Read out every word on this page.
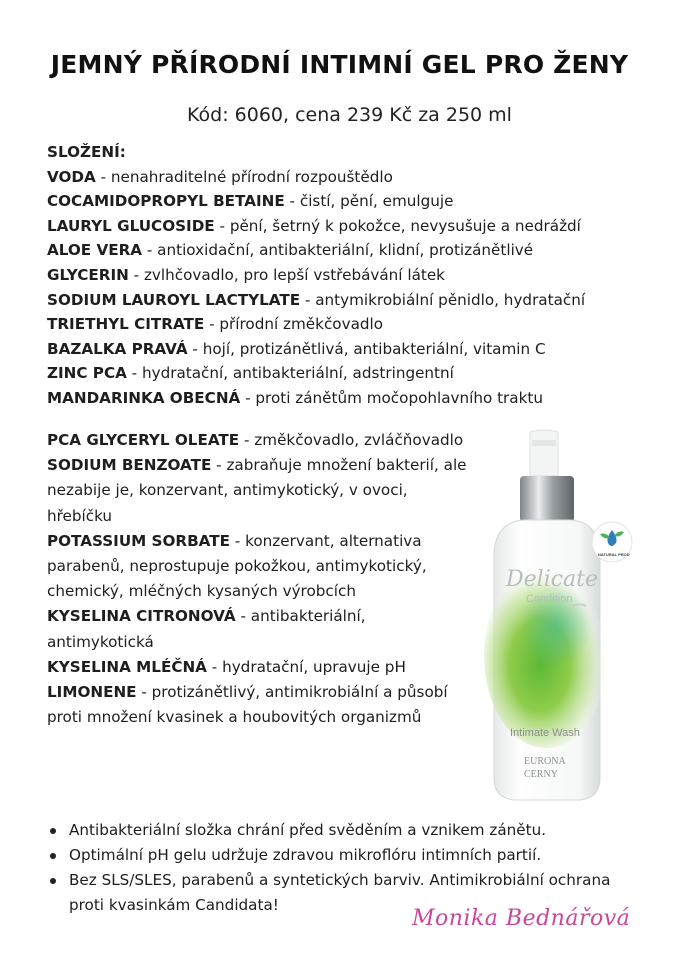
JEMNÝ PŘÍRODNÍ INTIMNÍ GEL PRO ŽENY
Kód: 6060, cena 239 Kč za 250 ml
SLOŽENÍ:
VODA - nenahraditelné přírodní rozpouštědlo
COCAMIDOPROPYL BETAINE - čistí, pění, emulguje
LAURYL GLUCOSIDE - pění, šetrný k pokožce, nevysušuje a nedráždí
ALOE VERA - antioxidační, antibakteriální, klidní, protizánětlivé
GLYCERIN - zvlhčovadlo, pro lepší vstřebávání látek
SODIUM LAUROYL LACTYLATE - antymikrobiální pěnidlo, hydratační
TRIETHYL CITRATE - přírodní změkčovadlo
BAZALKA PRAVÁ - hojí, protizánětlivá, antibakteriální, vitamin C
ZINC PCA - hydratační, antibakteriální, adstringentní
MANDARINKA OBECNÁ - proti zánětům močopohlavního traktu
PCA GLYCERYL OLEATE - změkčovadlo, zvláčňovadlo
SODIUM BENZOATE - zabraňuje množení bakterií, ale nezabije je, konzervant, antimykotický, v ovoci, hřebíčku
POTASSIUM SORBATE - konzervant, alternativa parabenů, neprostupuje pokožkou, antimykotický, chemický, mléčných kysaných výrobcích
KYSELINA CITRONOVÁ - antibakteriální, antimykotická
KYSELINA MLÉČNÁ - hydratační, upravuje pH
LIMONENE - protizánětlivý, antimikrobiální a působí proti množení kvasinek a houbovitých organizmů
Delicate
Condition
Intimate Wash
EURONA
CERNY
NATURAL PROD
Antibakteriální složka chrání před svěděním a vznikem zánětu.
Optimální pH gelu udržuje zdravou mikroflóru intimních partií.
Bez SLS/SLES, parabenů a syntetických barviv. Antimikrobiální ochrana proti kvasinkám Candidata!
Monika Bednářová
